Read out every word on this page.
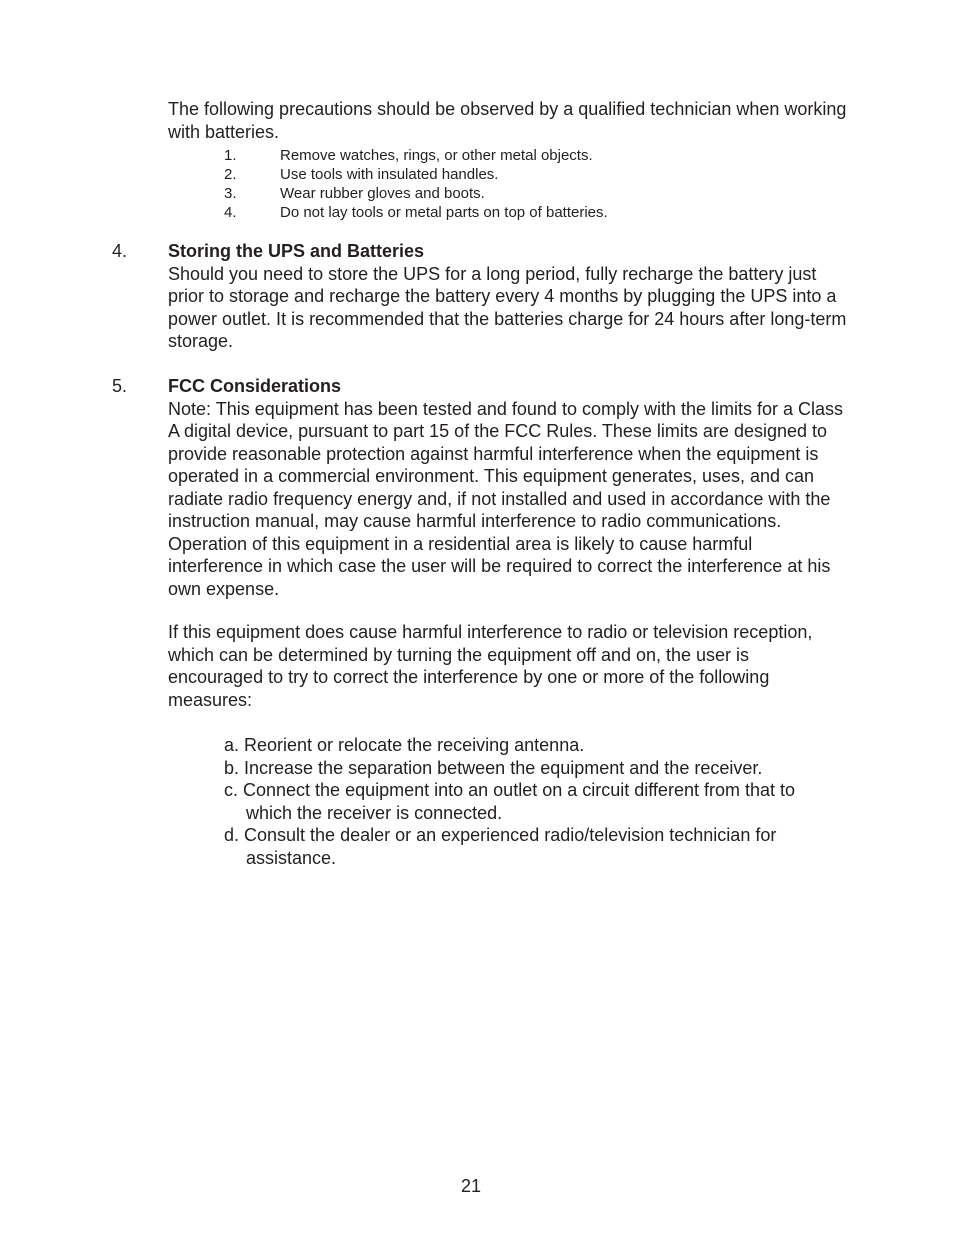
The following precautions should be observed by a qualified technician when working with batteries.

1.	Remove watches, rings, or other metal objects.
2.	Use tools with insulated handles.
3.	Wear rubber gloves and boots.
4.	Do not lay tools or metal parts on top of batteries.
4. Storing the UPS and Batteries
Should you need to store the UPS for a long period, fully recharge the battery just prior to storage and recharge the battery every 4 months by plugging the UPS into a power outlet. It is recommended that the batteries charge for 24 hours after long-term storage.
5. FCC Considerations
Note: This equipment has been tested and found to comply with the limits for a Class A digital device, pursuant to part 15 of the FCC Rules. These limits are designed to provide reasonable protection against harmful interference when the equipment is operated in a commercial environment. This equipment generates, uses, and can radiate radio frequency energy and, if not installed and used in accordance with the instruction manual, may cause harmful interference to radio communications. Operation of this equipment in a residential area is likely to cause harmful interference in which case the user will be required to correct the interference at his own expense.

If this equipment does cause harmful interference to radio or television reception, which can be determined by turning the equipment off and on, the user is encouraged to try to correct the interference by one or more of the following measures:

a. Reorient or relocate the receiving antenna.
b. Increase the separation between the equipment and the receiver.
c. Connect the equipment into an outlet on a circuit different from that to which the receiver is connected.
d. Consult the dealer or an experienced radio/television technician for assistance.
21
